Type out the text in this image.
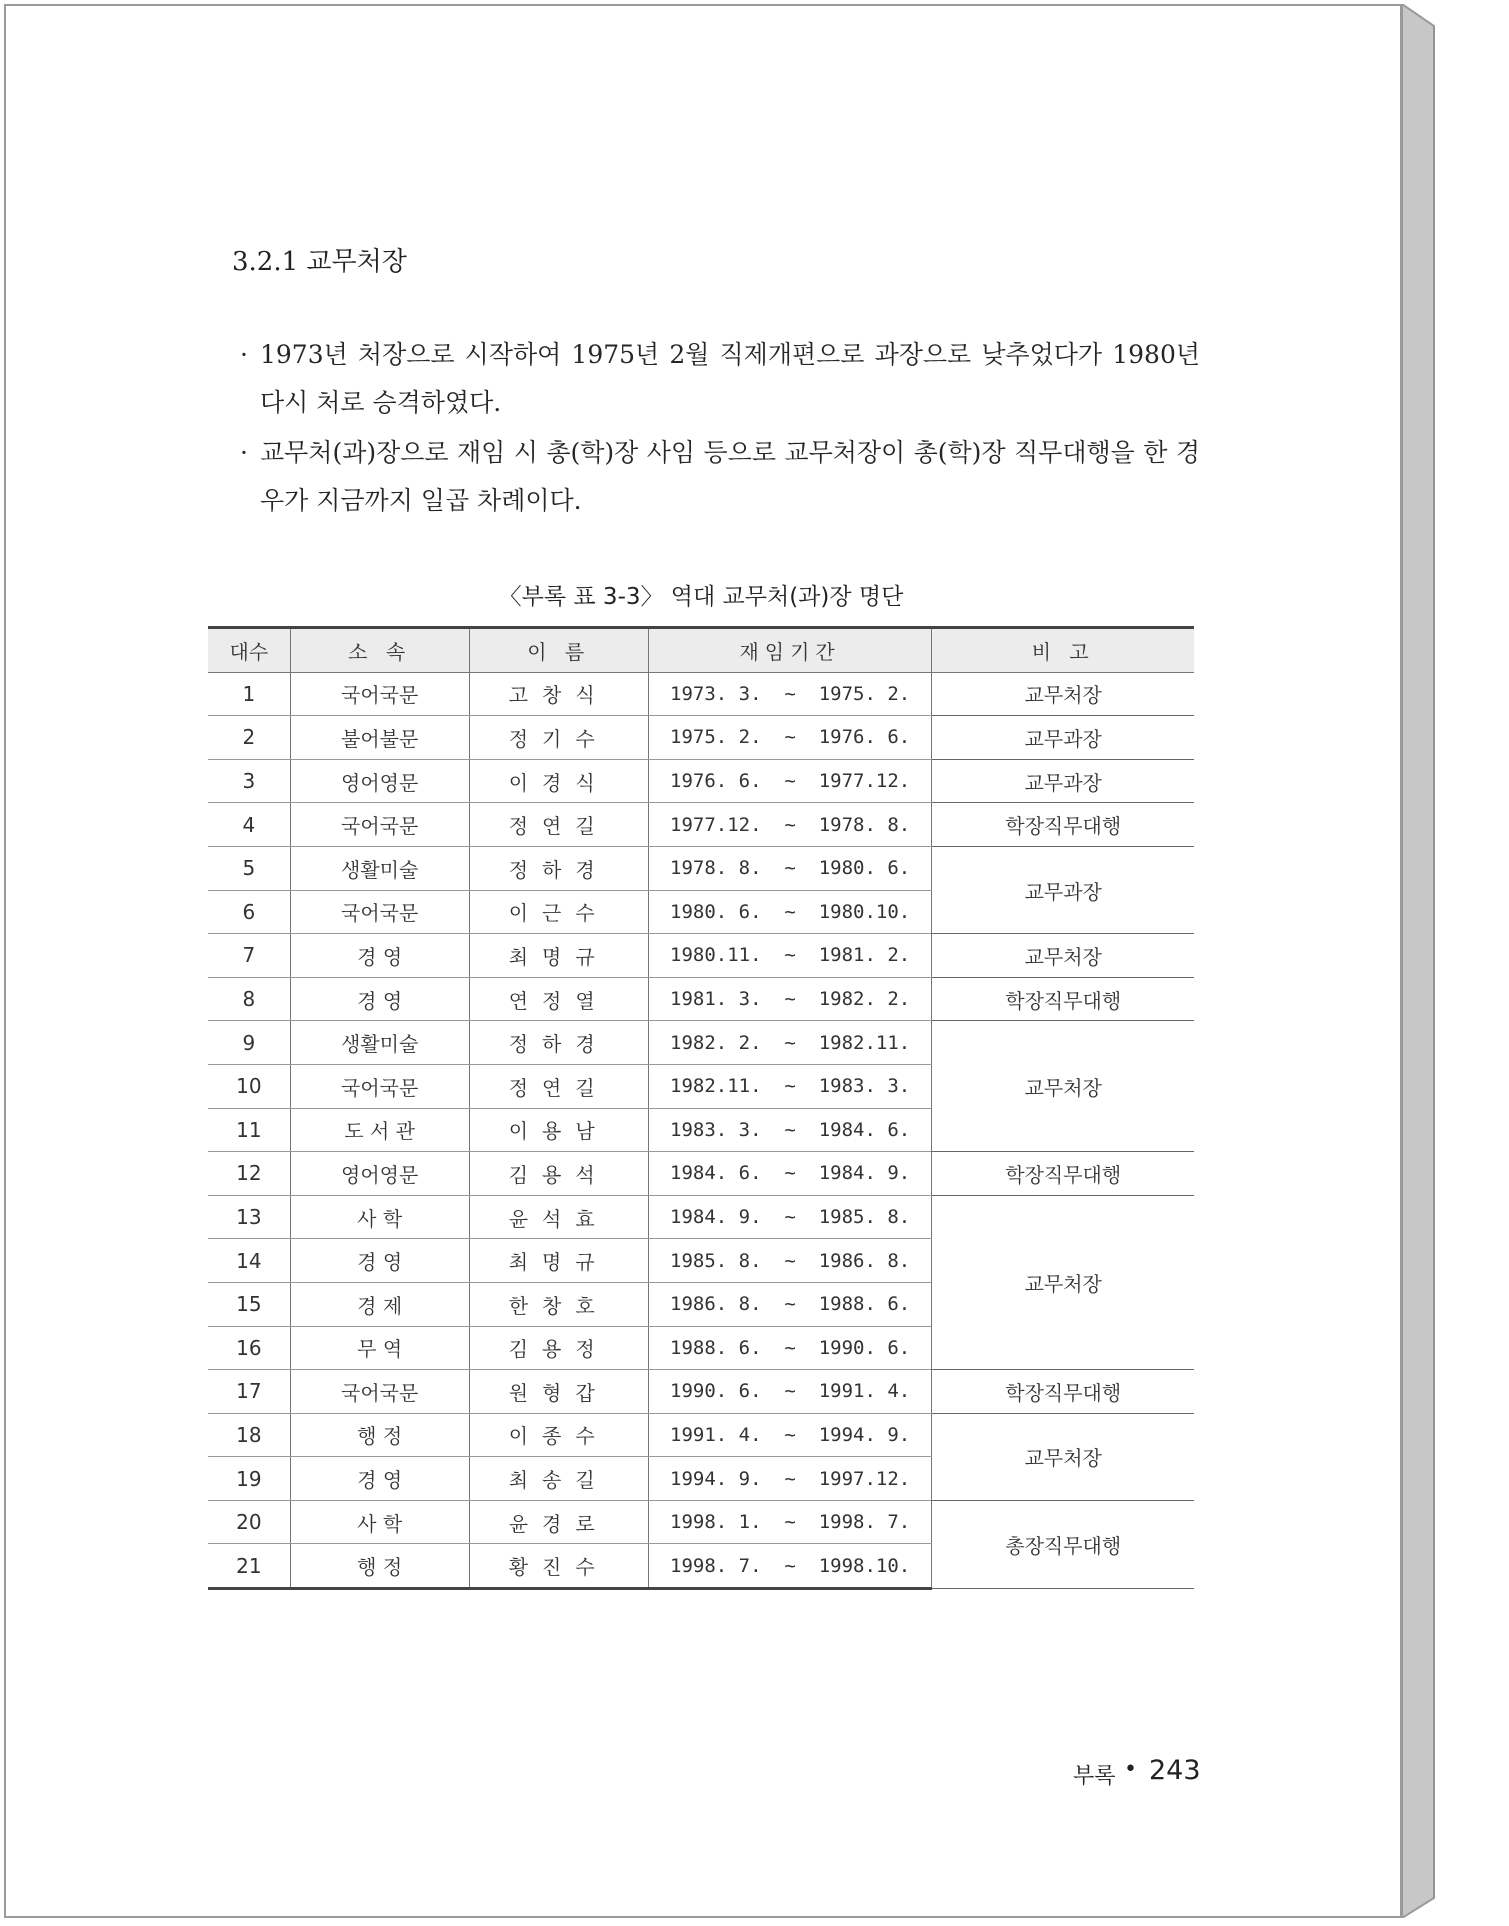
3.2.1 교무처장
· 1973년 처장으로 시작하여 1975년 2월 직제개편으로 과장으로 낮추었다가 1980년 다시 처로 승격하였다.
· 교무처(과)장으로 재임 시 총(학)장 사임 등으로 교무처장이 총(학)장 직무대행을 한 경우가 지금까지 일곱 차례이다.
〈부록 표 3-3〉 역대 교무처(과)장 명단
대수	소 속	이 름	재임기간	비 고
1	국어국문	고창식	1973. 3.  ~  1975. 2.	교무처장
2	불어불문	정기수	1975. 2.  ~  1976. 6.	교무과장
3	영어영문	이경식	1976. 6.  ~  1977.12.	교무과장
4	국어국문	정연길	1977.12.  ~  1978. 8.	학장직무대행
5	생활미술	정하경	1978. 8.  ~  1980. 6.	교무과장
6	국어국문	이근수	1980. 6.  ~  1980.10.	
7	경 영	최명규	1980.11.  ~  1981. 2.	교무처장
8	경 영	연정열	1981. 3.  ~  1982. 2.	학장직무대행
9	생활미술	정하경	1982. 2.  ~  1982.11.	교무처장
10	국어국문	정연길	1982.11.  ~  1983. 3.	
11	도 서 관	이용남	1983. 3.  ~  1984. 6.	
12	영어영문	김용석	1984. 6.  ~  1984. 9.	학장직무대행
13	사 학	윤석효	1984. 9.  ~  1985. 8.	교무처장
14	경 영	최명규	1985. 8.  ~  1986. 8.	
15	경 제	한창호	1986. 8.  ~  1988. 6.	
16	무 역	김용정	1988. 6.  ~  1990. 6.	
17	국어국문	원형갑	1990. 6.  ~  1991. 4.	학장직무대행
18	행 정	이종수	1991. 4.  ~  1994. 9.	교무처장
19	경 영	최송길	1994. 9.  ~  1997.12.	
20	사 학	윤경로	1998. 1.  ~  1998. 7.	총장직무대행
21	행 정	황진수	1998. 7.  ~  1998.10.	
부록 • 243
